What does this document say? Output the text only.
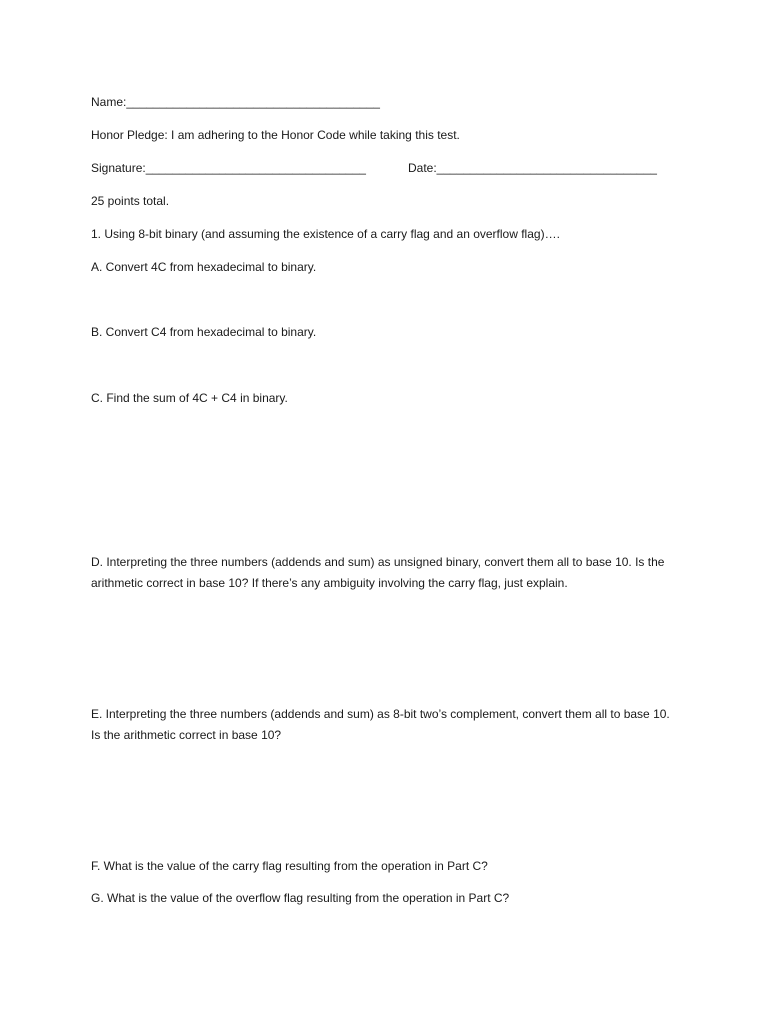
Name:______________________________________
Honor Pledge: I am adhering to the Honor Code while taking this test.
Signature:_________________________________	Date:_________________________________
25 points total.
1. Using 8-bit binary (and assuming the existence of a carry flag and an overflow flag)….
A. Convert 4C from hexadecimal to binary.
B. Convert C4 from hexadecimal to binary.
C. Find the sum of 4C + C4 in binary.
D. Interpreting the three numbers (addends and sum) as unsigned binary, convert them all to base 10. Is the arithmetic correct in base 10? If there’s any ambiguity involving the carry flag, just explain.
E. Interpreting the three numbers (addends and sum) as 8-bit two’s complement, convert them all to base 10. Is the arithmetic correct in base 10?
F. What is the value of the carry flag resulting from the operation in Part C?
G. What is the value of the overflow flag resulting from the operation in Part C?
